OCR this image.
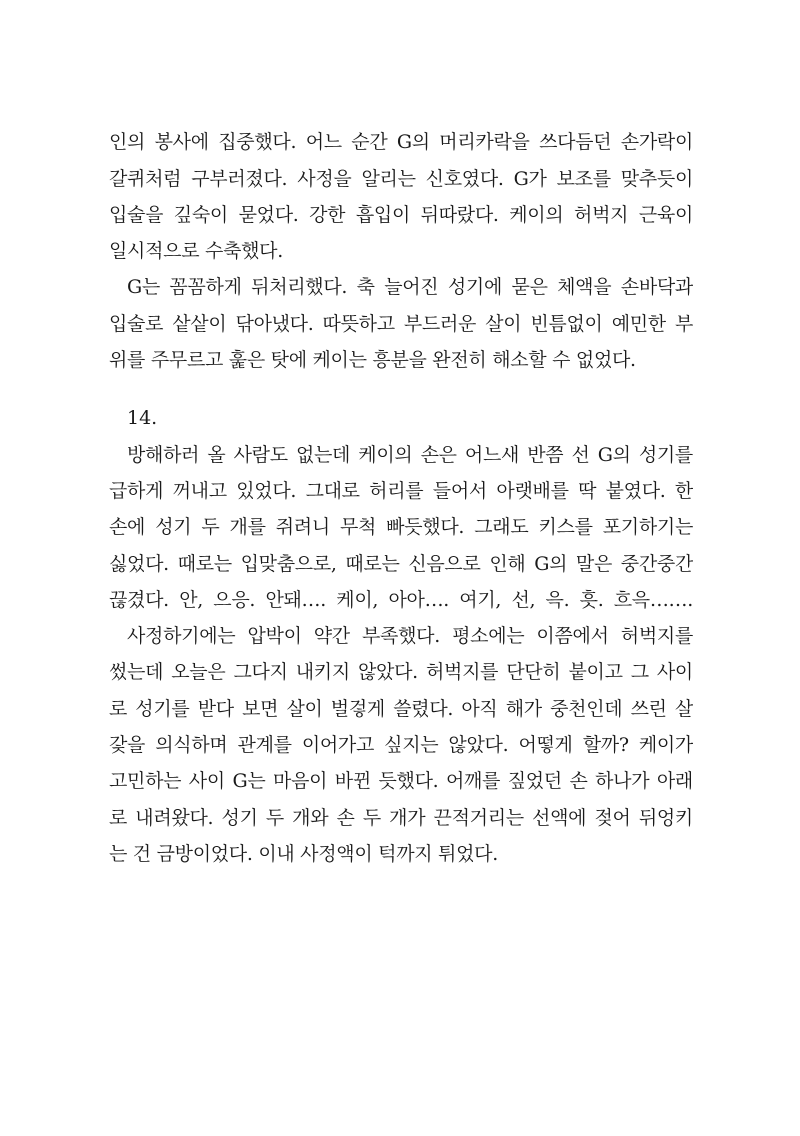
인의 봉사에 집중했다. 어느 순간 G의 머리카락을 쓰다듬던 손가락이
갈퀴처럼 구부러졌다. 사정을 알리는 신호였다. G가 보조를 맞추듯이
입술을 깊숙이 묻었다. 강한 흡입이 뒤따랐다. 케이의 허벅지 근육이
일시적으로 수축했다.
G는 꼼꼼하게 뒤처리했다. 축 늘어진 성기에 묻은 체액을 손바닥과
입술로 샅샅이 닦아냈다. 따뜻하고 부드러운 살이 빈틈없이 예민한 부
위를 주무르고 훑은 탓에 케이는 흥분을 완전히 해소할 수 없었다.
14.
방해하러 올 사람도 없는데 케이의 손은 어느새 반쯤 선 G의 성기를
급하게 꺼내고 있었다. 그대로 허리를 들어서 아랫배를 딱 붙였다. 한
손에 성기 두 개를 쥐려니 무척 빠듯했다. 그래도 키스를 포기하기는
싫었다. 때로는 입맞춤으로, 때로는 신음으로 인해 G의 말은 중간중간
끊겼다. 안, 으응. 안돼…. 케이, 아아…. 여기, 선, 윽. 흣. 흐윽…….
사정하기에는 압박이 약간 부족했다. 평소에는 이쯤에서 허벅지를
썼는데 오늘은 그다지 내키지 않았다. 허벅지를 단단히 붙이고 그 사이
로 성기를 받다 보면 살이 벌겋게 쓸렸다. 아직 해가 중천인데 쓰린 살
갗을 의식하며 관계를 이어가고 싶지는 않았다. 어떻게 할까? 케이가
고민하는 사이 G는 마음이 바뀐 듯했다. 어깨를 짚었던 손 하나가 아래
로 내려왔다. 성기 두 개와 손 두 개가 끈적거리는 선액에 젖어 뒤엉키
는 건 금방이었다. 이내 사정액이 턱까지 튀었다.
